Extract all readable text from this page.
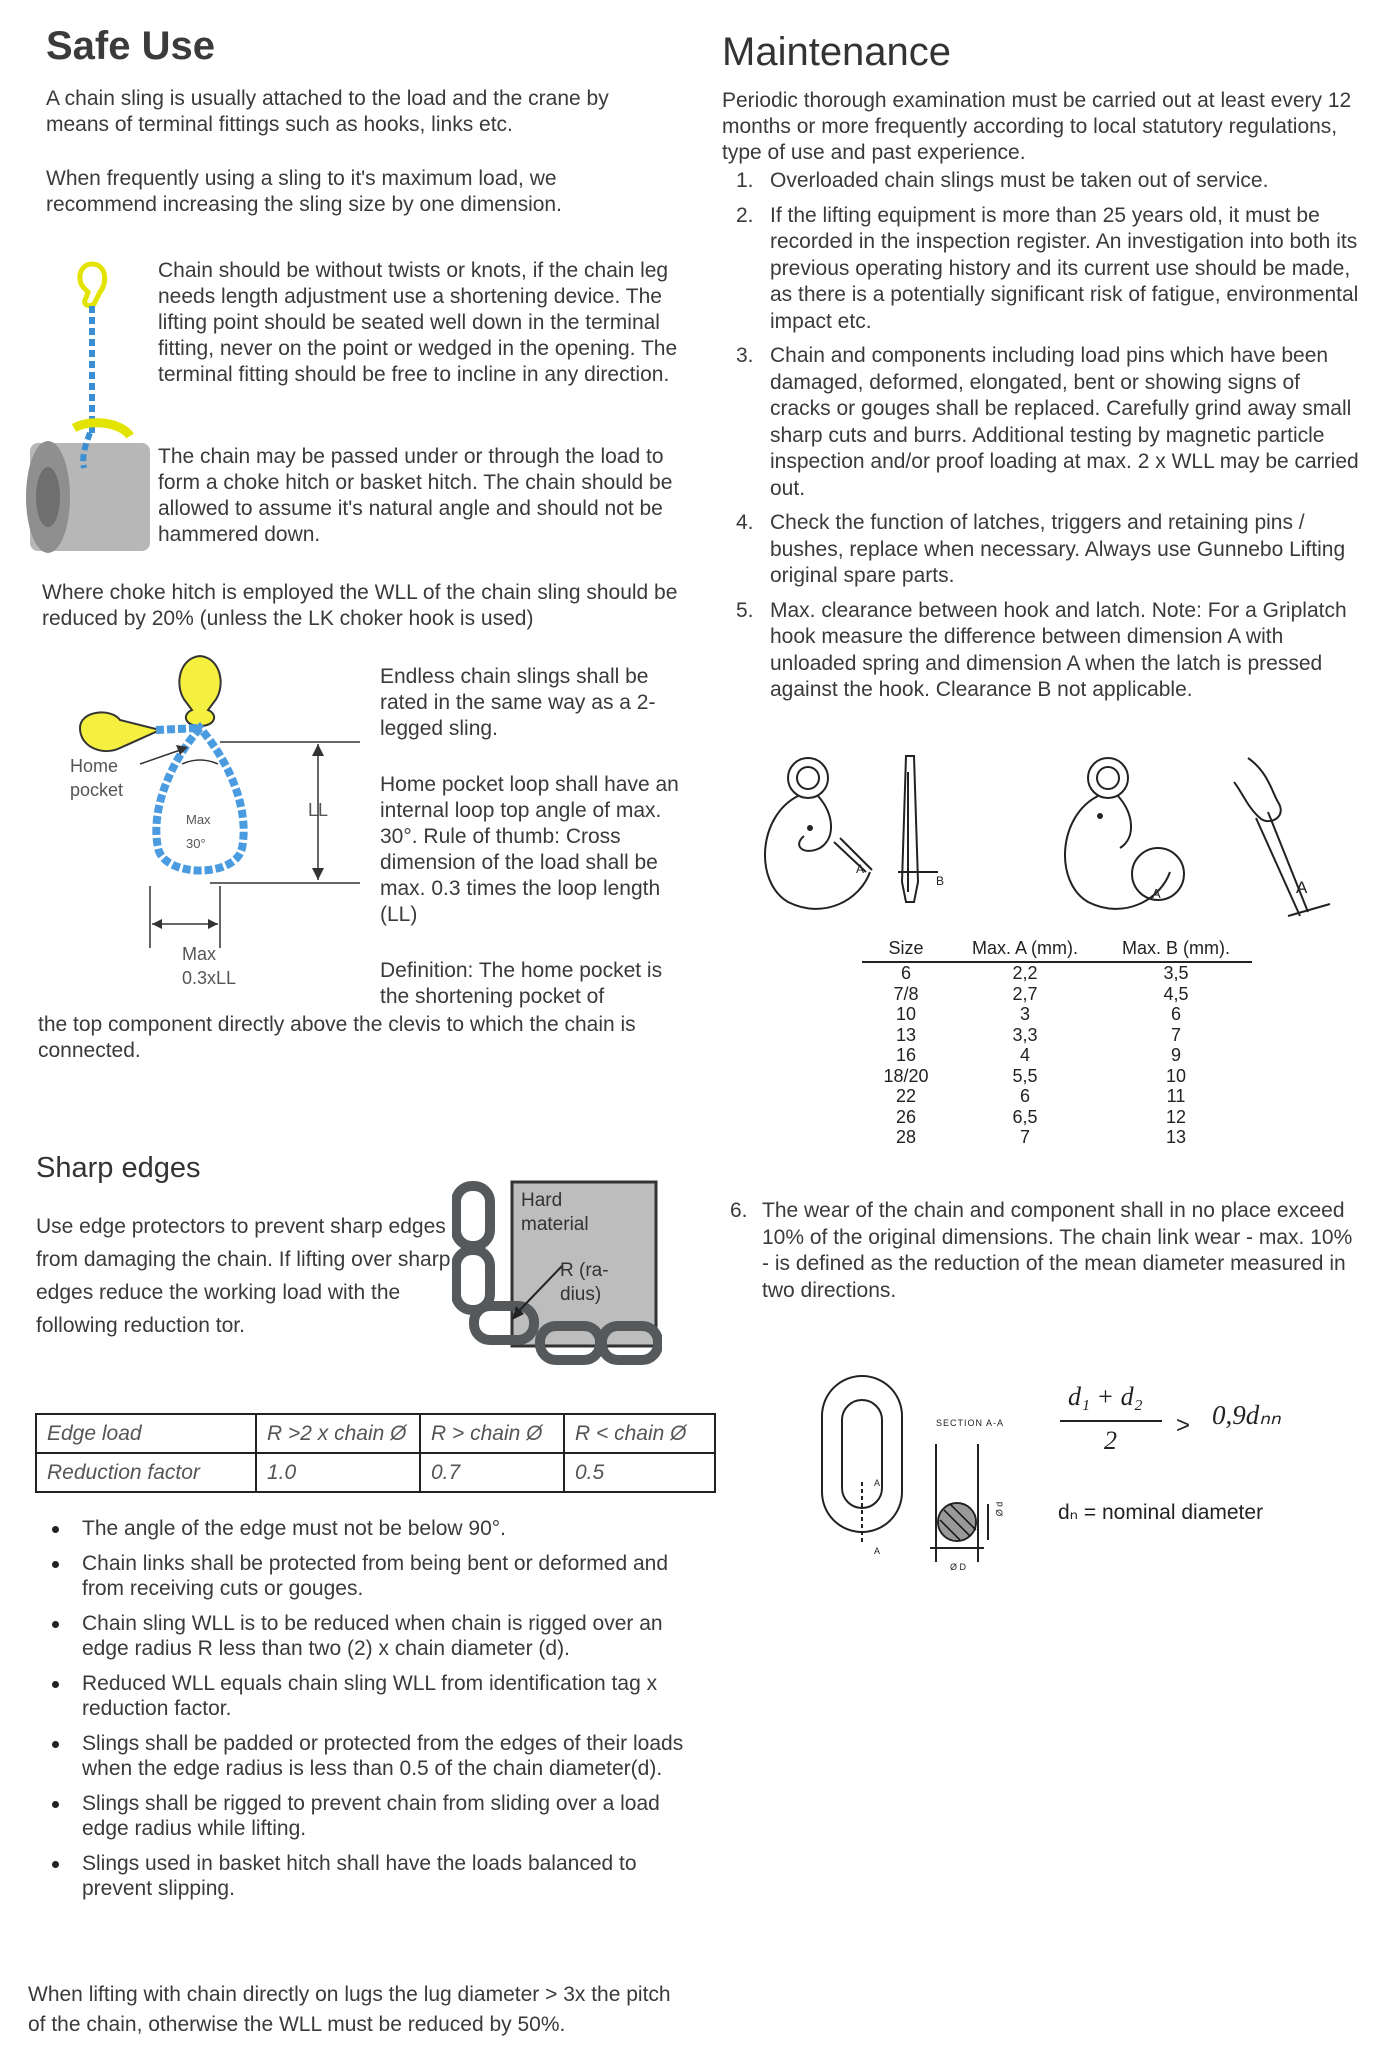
Safe Use

A chain sling is usually attached to the load and the crane by means of terminal fittings such as hooks, links etc.

When frequently using a sling to it's maximum load, we recommend increasing the sling size by one dimension.

Chain should be without twists or knots, if the chain leg needs length adjustment use a shortening device. The lifting point should be seated well down in the terminal fitting, never on the point or wedged in the opening. The terminal fitting should be free to incline in any direction.

The chain may be passed under or through the load to form a choke hitch or basket hitch. The chain should be allowed to assume it's natural angle and should not be hammered down.

Where choke hitch is employed the WLL of the chain sling should be reduced by 20% (unless the LK choker hook is used)

Home
pocket
Max
30°
LL
Max
0.3xLL

Endless chain slings shall be rated in the same way as a 2-legged sling.

Home pocket loop shall have an internal loop top angle of max. 30°. Rule of thumb: Cross dimension of the load shall be max. 0.3 times the loop length (LL)

Definition: The home pocket is the shortening pocket of

the top component directly above the clevis to which the chain is connected.

Sharp edges

Use edge protectors to prevent sharp edges from damaging the chain. If lifting over sharp edges reduce the working load with the following reduction tor.

Hard
material
R (ra-
dius)
Edge load	R >2 x chain Ø	R > chain Ø	R < chain Ø
Reduction factor	1.0	0.7	0.5
The angle of the edge must not be below 90°.
Chain links shall be protected from being bent or deformed and from receiving cuts or gouges.
Chain sling WLL is to be reduced when chain is rigged over an edge radius R less than two (2) x chain diameter (d).
Reduced WLL equals chain sling WLL from identification tag x reduction factor.
Slings shall be padded or protected from the edges of their loads when the edge radius is less than 0.5 of the chain diameter(d).
Slings shall be rigged to prevent chain from sliding over a load edge radius while lifting.
Slings used in basket hitch shall have the loads balanced to prevent slipping.

When lifting with chain directly on lugs the lug diameter > 3x the pitch of the chain, otherwise the WLL must be reduced by 50%.

Maintenance

Periodic thorough examination must be carried out at least every 12 months or more frequently according to local statutory regulations, type of use and past experience.

1. Overloaded chain slings must be taken out of service.
2. If the lifting equipment is more than 25 years old, it must be recorded in the inspection register. An investigation into both its previous operating history and its current use should be made, as there is a potentially significant risk of fatigue, environmental impact etc.
3. Chain and components including load pins which have been damaged, deformed, elongated, bent or showing signs of cracks or gouges shall be replaced. Carefully grind away small sharp cuts and burrs. Additional testing by magnetic particle inspection and/or proof loading at max. 2 x WLL may be carried out.
4. Check the function of latches, triggers and retaining pins / bushes, replace when necessary. Always use Gunnebo Lifting original spare parts.
5. Max. clearance between hook and latch. Note: For a Griplatch hook measure the difference between dimension A with unloaded spring and dimension A when the latch is pressed against the hook. Clearance B not applicable.
A
B
A	A
Size	Max. A (mm).	Max. B (mm).
6	2,2	3,5
7/8	2,7	4,5
10	3	6
13	3,3	7
16	4	9
18/20	5,5	10
22	6	11
26	6,5	12
28	7	13
6. The wear of the chain and component shall in no place exceed 10% of the original dimensions. The chain link wear - max. 10% - is defined as the reduction of the mean diameter measured in two directions.
A
A
SECTION A-A
Ø d
Ø D
d₁ + d₂
2
> 0,9dₙₙ
dₙ = nominal diameter
